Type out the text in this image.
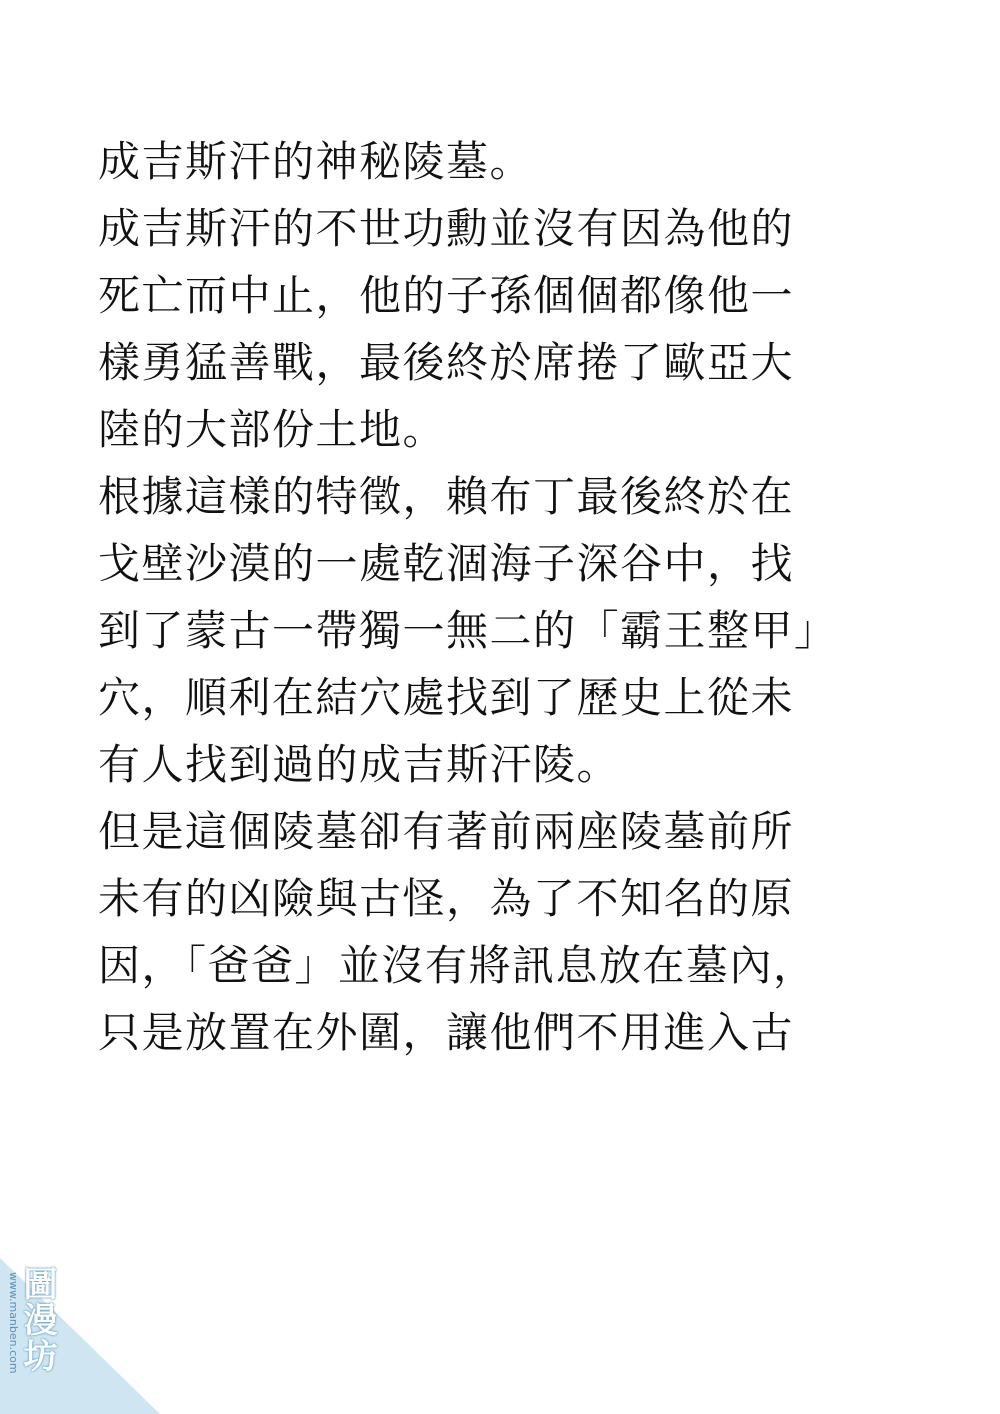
成吉斯汗的神秘陵墓。
成吉斯汗的不世功勳並沒有因為他的
死亡而中止，他的子孫個個都像他一
樣勇猛善戰，最後終於席捲了歐亞大
陸的大部份土地。
根據這樣的特徵，賴布丁最後終於在
戈壁沙漠的一處乾涸海子深谷中，找
到了蒙古一帶獨一無二的「霸王整甲」
穴，順利在結穴處找到了歷史上從未
有人找到過的成吉斯汗陵。
但是這個陵墓卻有著前兩座陵墓前所
未有的凶險與古怪，為了不知名的原
因，「爸爸」並沒有將訊息放在墓內，
只是放置在外圍，讓他們不用進入古
圖漫坊
www.manben.com
